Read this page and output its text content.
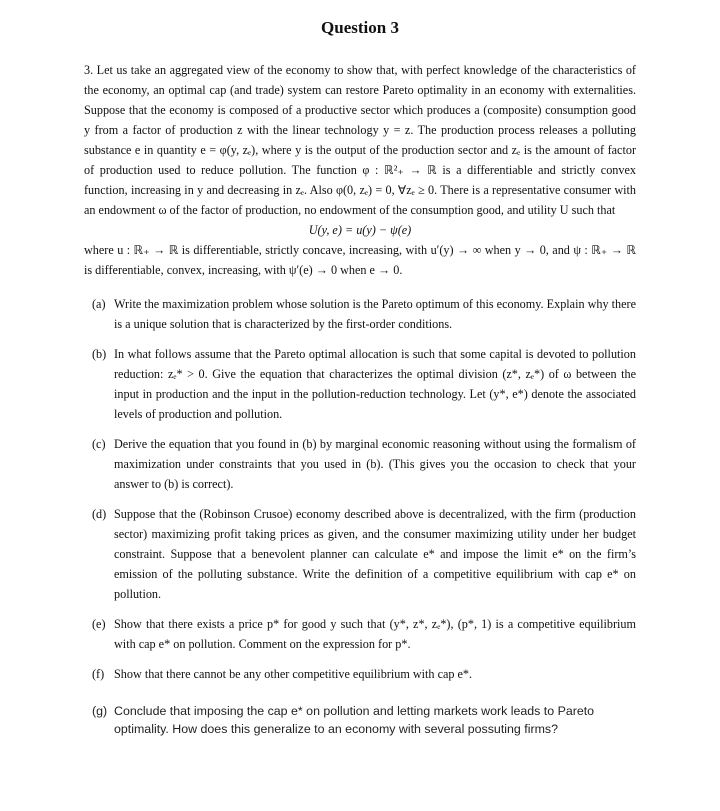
Question 3

3. Let us take an aggregated view of the economy to show that, with perfect knowledge of the characteristics of the economy, an optimal cap (and trade) system can restore Pareto optimality in an economy with externalities. Suppose that the economy is composed of a productive sector which produces a (composite) consumption good y from a factor of production z with the linear technology y = z. The production process releases a polluting substance e in quantity e = φ(y, zₑ), where y is the output of the production sector and zₑ is the amount of factor of production used to reduce pollution. The function φ : ℝ²₊ → ℝ is a differentiable and strictly convex function, increasing in y and decreasing in zₑ. Also φ(0, zₑ) = 0, ∀zₑ ≥ 0. There is a representative consumer with an endowment ω of the factor of production, no endowment of the consumption good, and utility U such that

U(y, e) = u(y) − ψ(e)

where u : ℝ₊ → ℝ is differentiable, strictly concave, increasing, with u′(y) → ∞ when y → 0, and ψ : ℝ₊ → ℝ is differentiable, convex, increasing, with ψ′(e) → 0 when e → 0.

(a) Write the maximization problem whose solution is the Pareto optimum of this economy. Explain why there is a unique solution that is characterized by the first-order conditions.
(b) In what follows assume that the Pareto optimal allocation is such that some capital is devoted to pollution reduction: zₑ* > 0. Give the equation that characterizes the optimal division (z*, zₑ*) of ω between the input in production and the input in the pollution-reduction technology. Let (y*, e*) denote the associated levels of production and pollution.
(c) Derive the equation that you found in (b) by marginal economic reasoning without using the formalism of maximization under constraints that you used in (b). (This gives you the occasion to check that your answer to (b) is correct).
(d) Suppose that the (Robinson Crusoe) economy described above is decentralized, with the firm (production sector) maximizing profit taking prices as given, and the consumer maximizing utility under her budget constraint. Suppose that a benevolent planner can calculate e* and impose the limit e* on the firm’s emission of the polluting substance. Write the definition of a competitive equilibrium with cap e* on pollution.
(e) Show that there exists a price p* for good y such that (y*, z*, zₑ*), (p*, 1) is a competitive equilibrium with cap e* on pollution. Comment on the expression for p*.
(f) Show that there cannot be any other competitive equilibrium with cap e*.
(g) Conclude that imposing the cap e* on pollution and letting markets work leads to Pareto optimality. How does this generalize to an economy with several possuting firms?
